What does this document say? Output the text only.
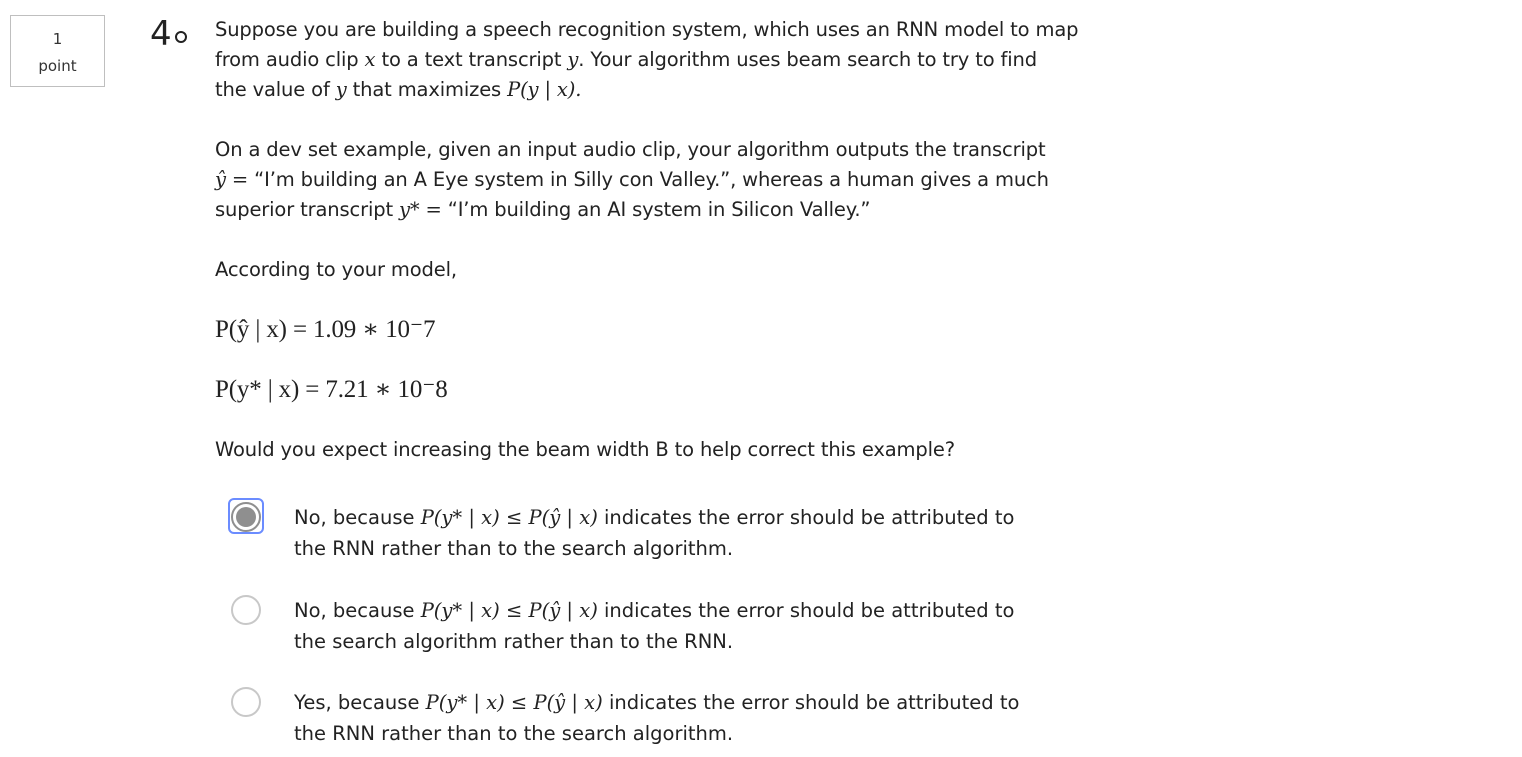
1
point
4	Suppose you are building a speech recognition system, which uses an RNN model to map

from audio clip x to a text transcript y. Your algorithm uses beam search to try to find

the value of y that maximizes P(y | x).

On a dev set example, given an input audio clip, your algorithm outputs the transcript

ŷ = “I’m building an A Eye system in Silly con Valley.”, whereas a human gives a much

superior transcript y* = “I’m building an AI system in Silicon Valley.”

According to your model,

P(ŷ | x) = 1.09 ∗ 10⁻7

P(y* | x) = 7.21 ∗ 10⁻8

Would you expect increasing the beam width B to help correct this example?

No, because P(y* | x) ≤ P(ŷ | x) indicates the error should be attributed to
the RNN rather than to the search algorithm.
No, because P(y* | x) ≤ P(ŷ | x) indicates the error should be attributed to
the search algorithm rather than to the RNN.
Yes, because P(y* | x) ≤ P(ŷ | x) indicates the error should be attributed to
the RNN rather than to the search algorithm.
